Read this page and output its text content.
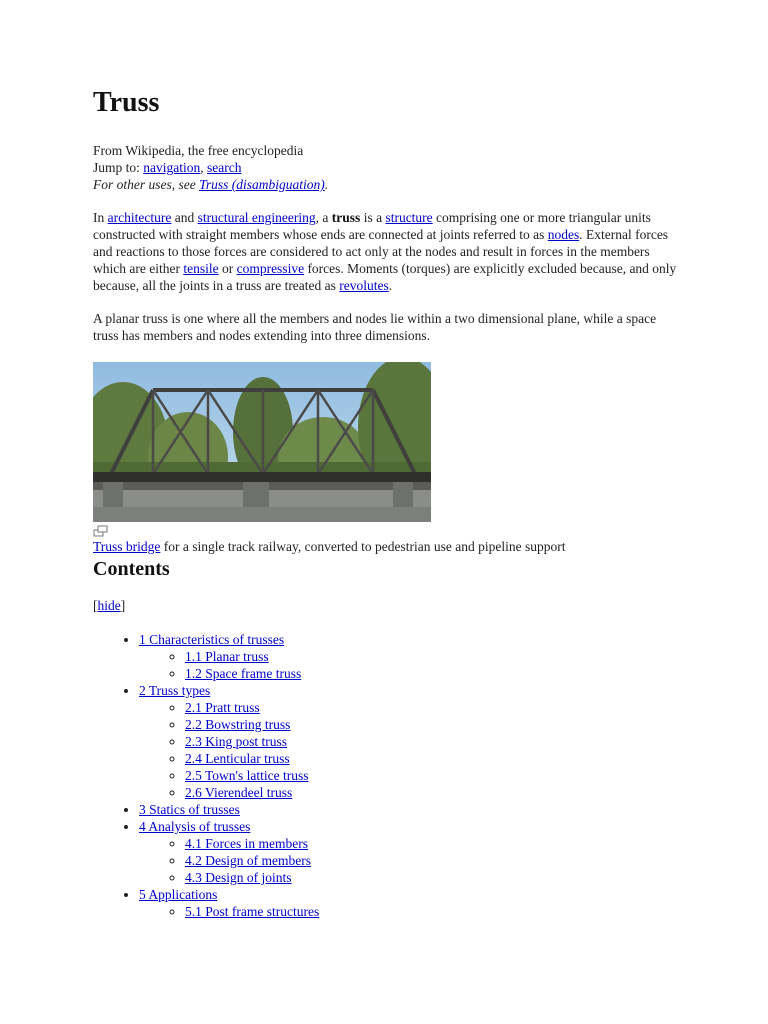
Truss
From Wikipedia, the free encyclopedia
Jump to: navigation, search
For other uses, see Truss (disambiguation).

In architecture and structural engineering, a truss is a structure comprising one or more triangular units constructed with straight members whose ends are connected at joints referred to as nodes. External forces and reactions to those forces are considered to act only at the nodes and result in forces in the members which are either tensile or compressive forces. Moments (torques) are explicitly excluded because, and only because, all the joints in a truss are treated as revolutes.

A planar truss is one where all the members and nodes lie within a two dimensional plane, while a space truss has members and nodes extending into three dimensions.

Truss bridge for a single track railway, converted to pedestrian use and pipeline support
Contents
[hide]
• 1 Characteristics of trusses
◦ 1.1 Planar truss
◦ 1.2 Space frame truss
• 2 Truss types
◦ 2.1 Pratt truss
◦ 2.2 Bowstring truss
◦ 2.3 King post truss
◦ 2.4 Lenticular truss
◦ 2.5 Town's lattice truss
◦ 2.6 Vierendeel truss
• 3 Statics of trusses
• 4 Analysis of trusses
◦ 4.1 Forces in members
◦ 4.2 Design of members
◦ 4.3 Design of joints
• 5 Applications
◦ 5.1 Post frame structures
